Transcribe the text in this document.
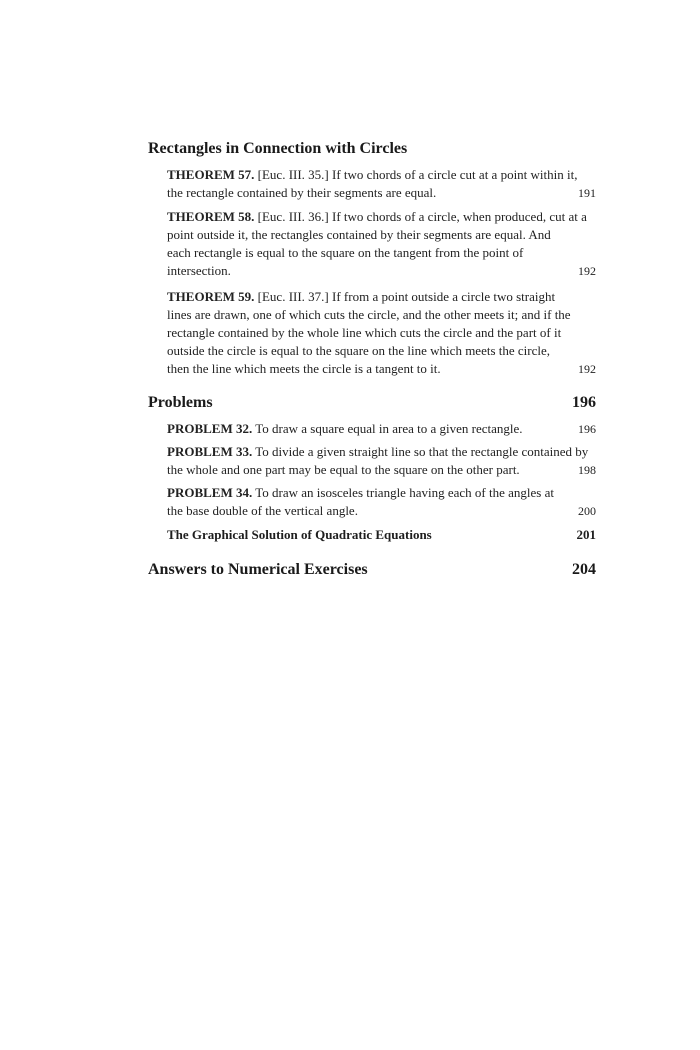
Rectangles in Connection with Circles
THEOREM 57. [Euc. III. 35.] If two chords of a circle cut at a point within it,
the rectangle contained by their segments are equal.	191
THEOREM 58. [Euc. III. 36.] If two chords of a circle, when produced, cut at a
point outside it, the rectangles contained by their segments are equal. And
each rectangle is equal to the square on the tangent from the point of
intersection.	192
THEOREM 59. [Euc. III. 37.] If from a point outside a circle two straight
lines are drawn, one of which cuts the circle, and the other meets it; and if the
rectangle contained by the whole line which cuts the circle and the part of it
outside the circle is equal to the square on the line which meets the circle,
then the line which meets the circle is a tangent to it.	192
Problems	196
PROBLEM 32. To draw a square equal in area to a given rectangle.	196
PROBLEM 33. To divide a given straight line so that the rectangle contained by
the whole and one part may be equal to the square on the other part.	198
PROBLEM 34. To draw an isosceles triangle having each of the angles at
the base double of the vertical angle.	200
The Graphical Solution of Quadratic Equations	201
Answers to Numerical Exercises	204
